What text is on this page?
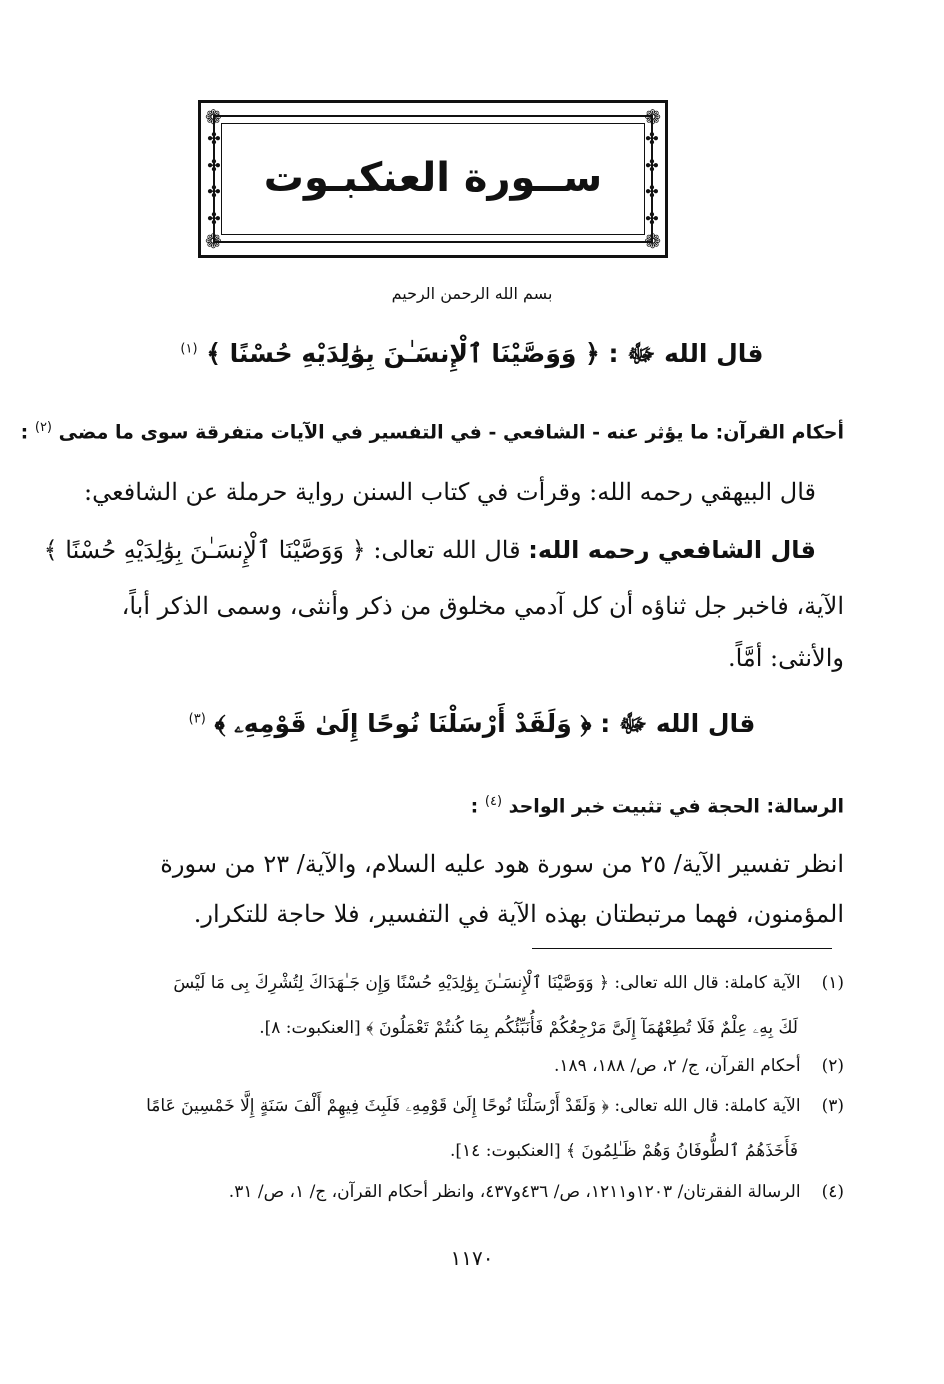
❁	❁
❁	❁
✤
✤
✤
✤
✤
✤
✤
✤
ســورة العنكبـوت
بسم الله الرحمن الرحيم
قال الله ﷻ : ﴿ وَوَصَّيْنَا ٱلْإِنسَـٰنَ بِوَٰلِدَيْهِ حُسْنًا ﴾ $^{(١)}$
أحكام القرآن: ما يؤثر عنه - الشافعي - في التفسير في الآيات متفرقة سوى ما مضى $^{(٢)}$ :
قال البيهقي رحمه الله: وقرأت في كتاب السنن رواية حرملة عن الشافعي:
قال الشافعي رحمه الله: قال الله تعالى: ﴿ وَوَصَّيْنَا ٱلْإِنسَـٰنَ بِوَٰلِدَيْهِ حُسْنًا ﴾
الآية، فاخبر جل ثناؤه أن كل آدمي مخلوق من ذكر وأنثى، وسمى الذكر أباً،
والأنثى: أمَّاً.
قال الله ﷻ : ﴿ وَلَقَدْ أَرْسَلْنَا نُوحًا إِلَىٰ قَوْمِهِۦ ﴾ $^{(٣)}$
الرسالة: الحجة في تثبيت خبر الواحد $^{(٤)}$ :
انظر تفسير الآية/ ٢٥ من سورة هود عليه السلام، والآية/ ٢٣ من سورة
المؤمنون، فهما مرتبطتان بهذه الآية في التفسير، فلا حاجة للتكرار.
(١) الآية كاملة: قال الله تعالى: ﴿ وَوَصَّيْنَا ٱلْإِنسَـٰنَ بِوَٰلِدَيْهِ حُسْنًا وَإِن جَـٰهَدَاكَ لِتُشْرِكَ بِى مَا لَيْسَ
لَكَ بِهِۦ عِلْمٌ فَلَا تُطِعْهُمَآ إِلَىَّ مَرْجِعُكُمْ فَأُنَبِّئُكُم بِمَا كُنتُمْ تَعْمَلُونَ ﴾ [العنكبوت: ٨].
(٢) أحكام القرآن، ج/ ٢، ص/ ١٨٨، ١٨٩.
(٣) الآية كاملة: قال الله تعالى: ﴿ وَلَقَدْ أَرْسَلْنَا نُوحًا إِلَىٰ قَوْمِهِۦ فَلَبِثَ فِيهِمْ أَلْفَ سَنَةٍ إِلَّا خَمْسِينَ عَامًا
فَأَخَذَهُمُ ٱلطُّوفَانُ وَهُمْ ظَـٰلِمُونَ ﴾ [العنكبوت: ١٤].
(٤) الرسالة الفقرتان/ ١٢٠٣و١٢١١، ص/ ٤٣٦و٤٣٧، وانظر أحكام القرآن، ج/ ١، ص/ ٣١.
١١٧٠
